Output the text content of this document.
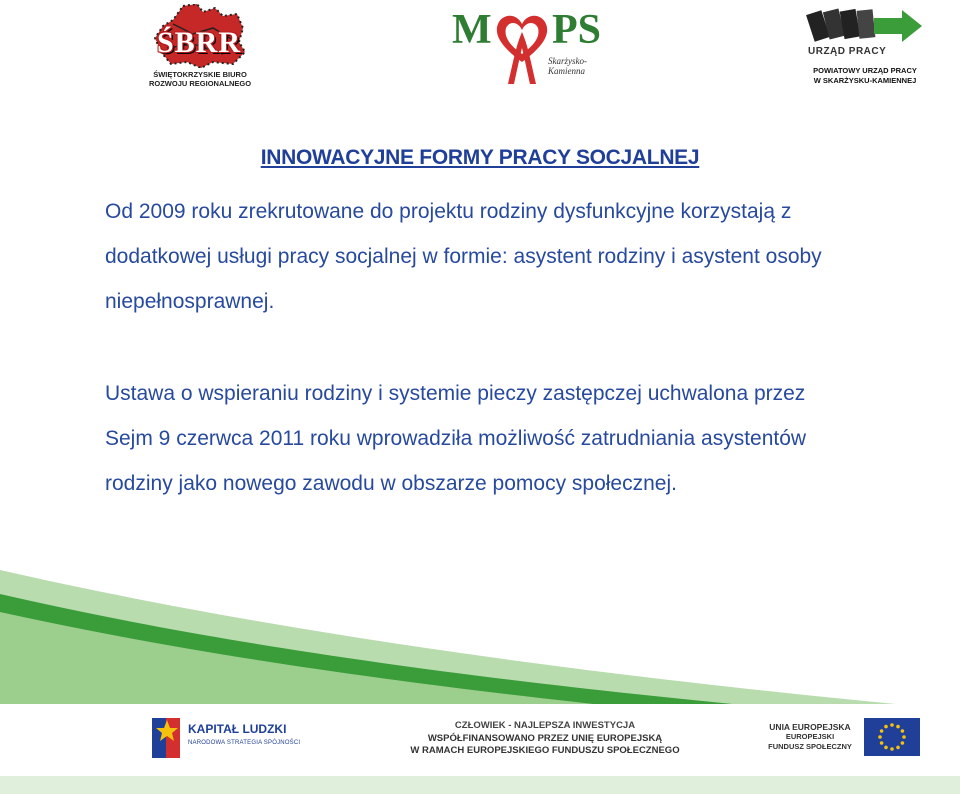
ŚBRR
ŚWIĘTOKRZYSKIE BIURO
ROZWOJU REGIONALNEGO
M PS
Skarżysko-Kamienna
URZĄD PRACY
POWIATOWY URZĄD PRACY
W SKARŻYSKU-KAMIENNEJ
INNOWACYJNE FORMY PRACY SOCJALNEJ
Od 2009 roku zrekrutowane do projektu rodziny dysfunkcyjne korzystają z
dodatkowej usługi pracy socjalnej w formie: asystent rodziny i asystent osoby
niepełnosprawnej.
Ustawa o wspieraniu rodziny i systemie pieczy zastępczej uchwalona przez
Sejm 9 czerwca 2011 roku wprowadziła możliwość zatrudniania asystentów
rodziny jako nowego zawodu w obszarze pomocy społecznej.
KAPITAŁ LUDZKI
NARODOWA STRATEGIA SPÓJNOŚCI
CZŁOWIEK - NAJLEPSZA INWESTYCJA
WSPÓŁFINANSOWANO PRZEZ UNIĘ EUROPEJSKĄ
W RAMACH EUROPEJSKIEGO FUNDUSZU SPOŁECZNEGO
UNIA EUROPEJSKA
EUROPEJSKI
FUNDUSZ SPOŁECZNY
